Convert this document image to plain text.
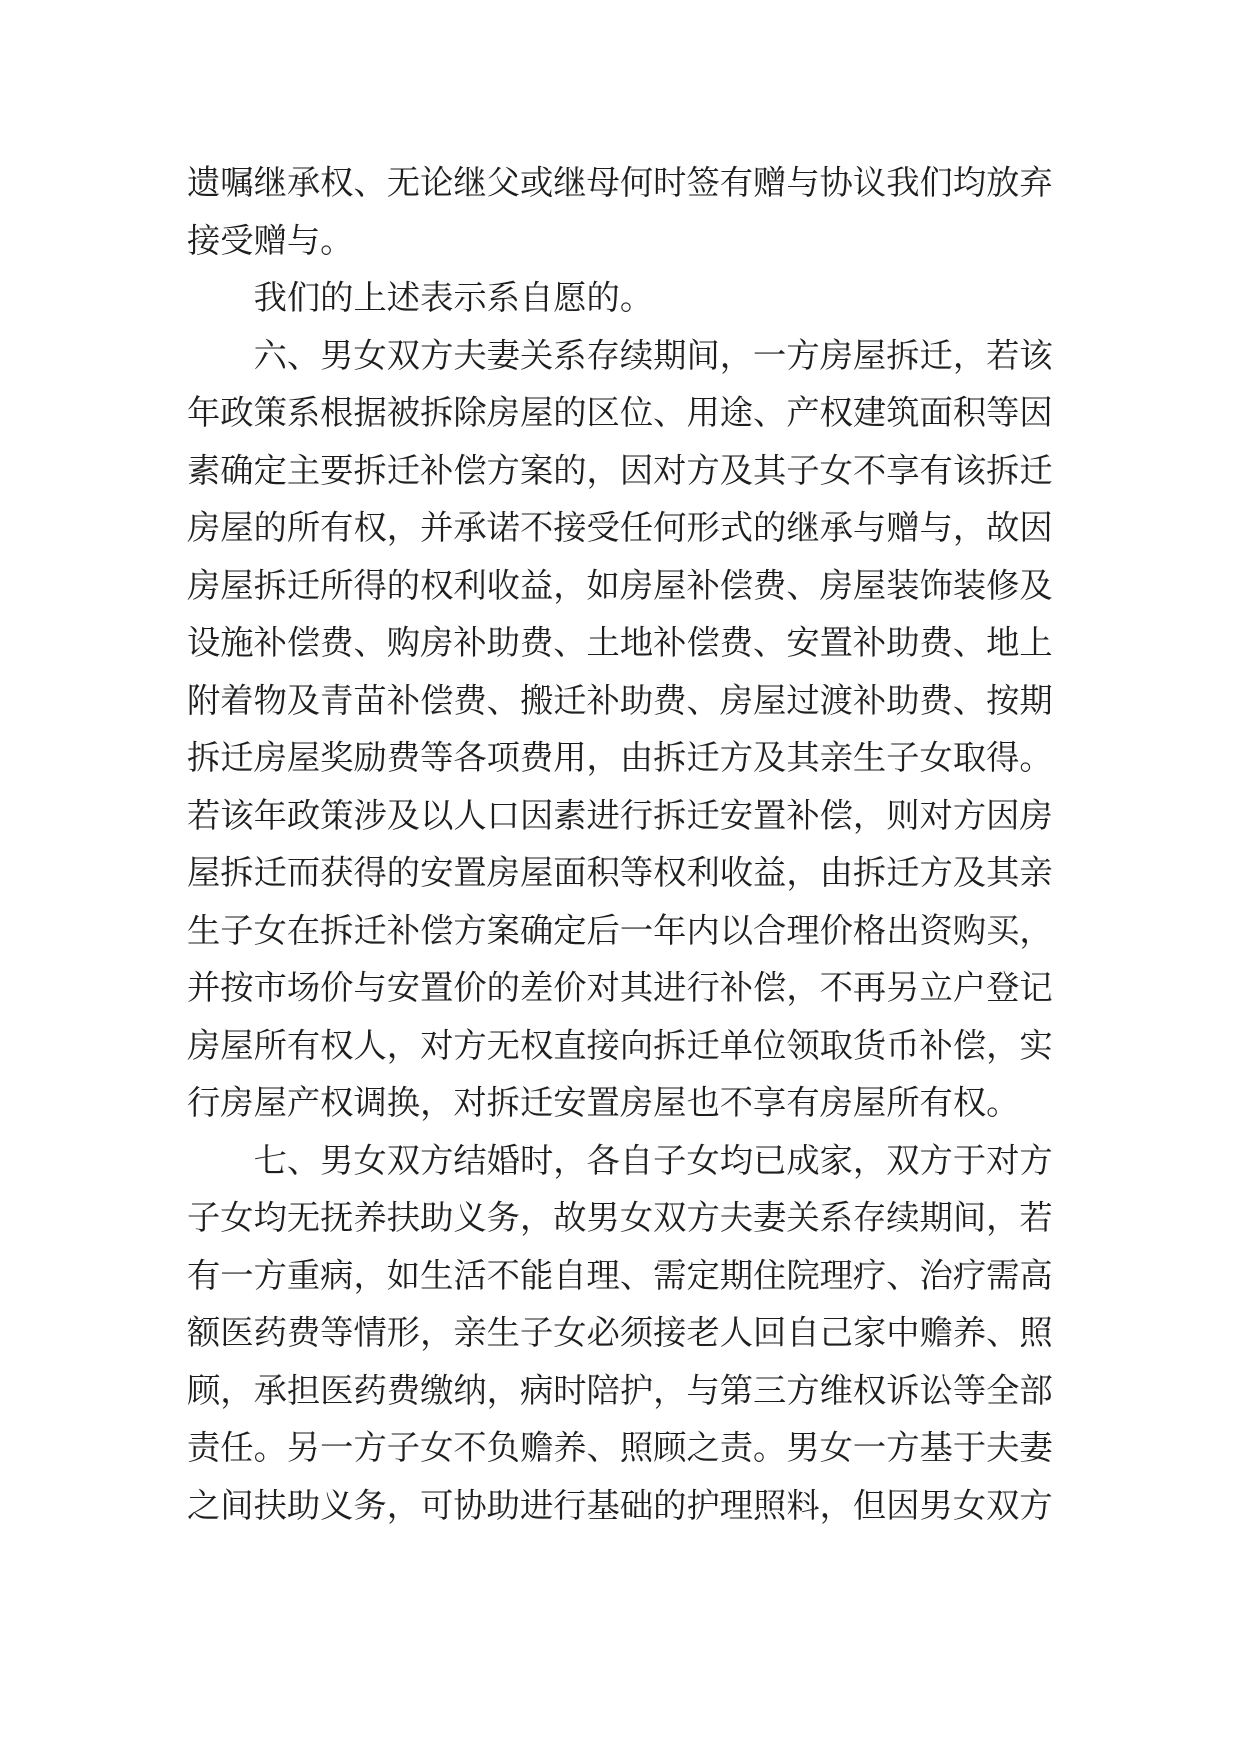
遗嘱继承权、无论继父或继母何时签有赠与协议我们均放弃
接受赠与。
我们的上述表示系自愿的。
六、男女双方夫妻关系存续期间，一方房屋拆迁，若该
年政策系根据被拆除房屋的区位、用途、产权建筑面积等因
素确定主要拆迁补偿方案的，因对方及其子女不享有该拆迁
房屋的所有权，并承诺不接受任何形式的继承与赠与，故因
房屋拆迁所得的权利收益，如房屋补偿费、房屋装饰装修及
设施补偿费、购房补助费、土地补偿费、安置补助费、地上
附着物及青苗补偿费、搬迁补助费、房屋过渡补助费、按期
拆迁房屋奖励费等各项费用，由拆迁方及其亲生子女取得。
若该年政策涉及以人口因素进行拆迁安置补偿，则对方因房
屋拆迁而获得的安置房屋面积等权利收益，由拆迁方及其亲
生子女在拆迁补偿方案确定后一年内以合理价格出资购买，
并按市场价与安置价的差价对其进行补偿，不再另立户登记
房屋所有权人，对方无权直接向拆迁单位领取货币补偿，实
行房屋产权调换，对拆迁安置房屋也不享有房屋所有权。
七、男女双方结婚时，各自子女均已成家，双方于对方
子女均无抚养扶助义务，故男女双方夫妻关系存续期间，若
有一方重病，如生活不能自理、需定期住院理疗、治疗需高
额医药费等情形，亲生子女必须接老人回自己家中赡养、照
顾，承担医药费缴纳，病时陪护，与第三方维权诉讼等全部
责任。另一方子女不负赡养、照顾之责。男女一方基于夫妻
之间扶助义务，可协助进行基础的护理照料，但因男女双方
